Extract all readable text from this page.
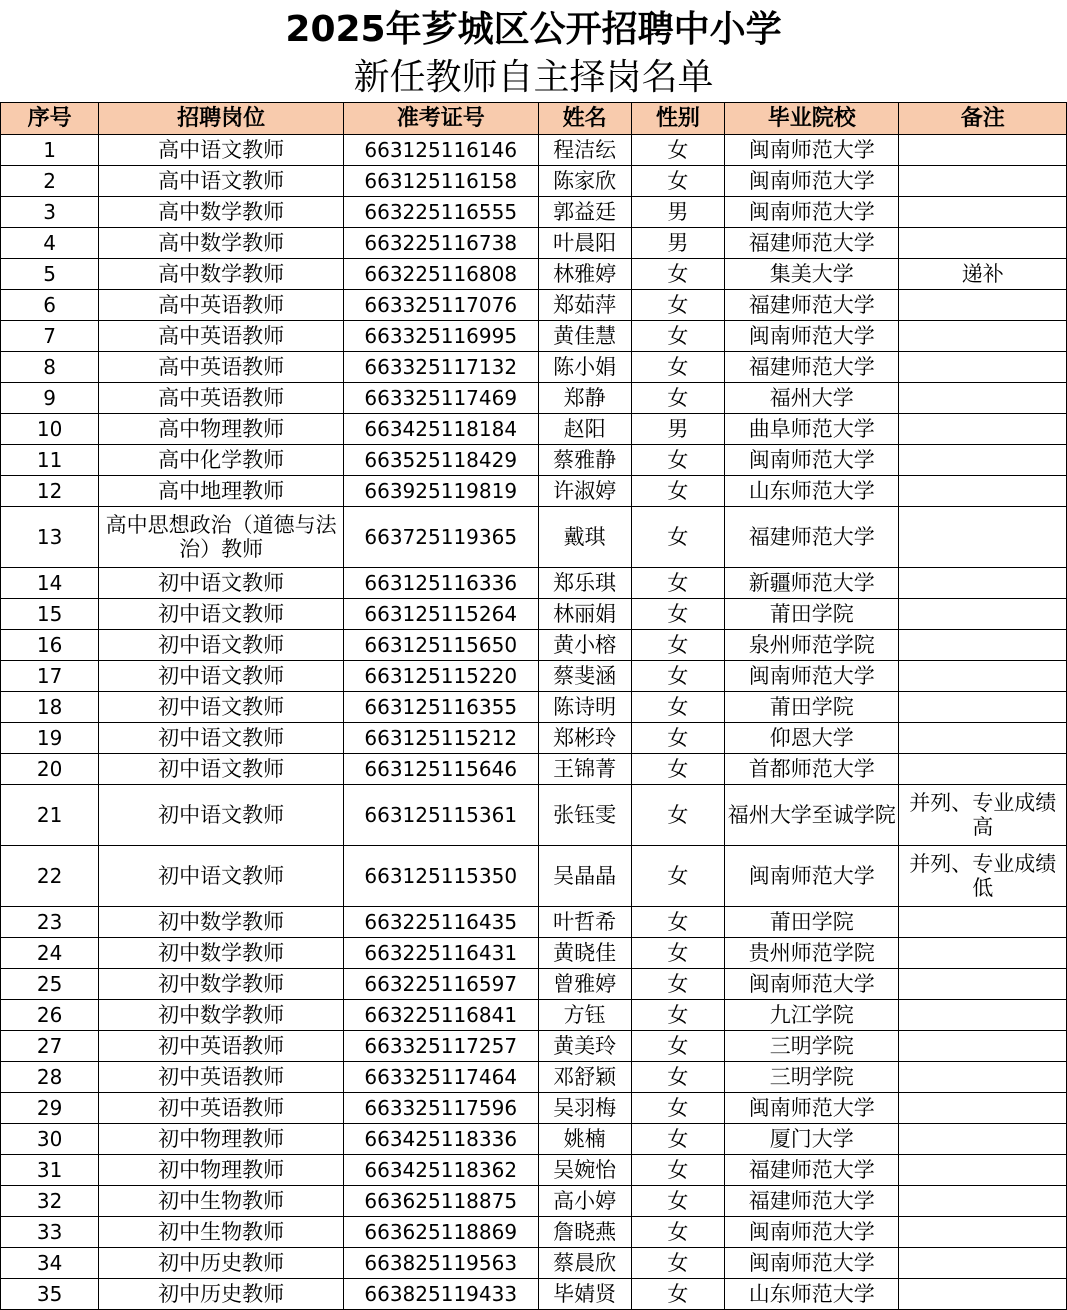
2025年芗城区公开招聘中小学
新任教师自主择岗名单
序号	招聘岗位	准考证号	姓名	性别	毕业院校	备注
1	高中语文教师	663125116146	程洁纭	女	闽南师范大学	
2	高中语文教师	663125116158	陈家欣	女	闽南师范大学	
3	高中数学教师	663225116555	郭益廷	男	闽南师范大学	
4	高中数学教师	663225116738	叶晨阳	男	福建师范大学	
5	高中数学教师	663225116808	林雅婷	女	集美大学	递补
6	高中英语教师	663325117076	郑茹萍	女	福建师范大学	
7	高中英语教师	663325116995	黄佳慧	女	闽南师范大学	
8	高中英语教师	663325117132	陈小娟	女	福建师范大学	
9	高中英语教师	663325117469	郑静	女	福州大学	
10	高中物理教师	663425118184	赵阳	男	曲阜师范大学	
11	高中化学教师	663525118429	蔡雅静	女	闽南师范大学	
12	高中地理教师	663925119819	许淑婷	女	山东师范大学	
13	高中思想政治（道德与法治）教师	663725119365	戴琪	女	福建师范大学	
14	初中语文教师	663125116336	郑乐琪	女	新疆师范大学	
15	初中语文教师	663125115264	林丽娟	女	莆田学院	
16	初中语文教师	663125115650	黄小榕	女	泉州师范学院	
17	初中语文教师	663125115220	蔡斐涵	女	闽南师范大学	
18	初中语文教师	663125116355	陈诗明	女	莆田学院	
19	初中语文教师	663125115212	郑彬玲	女	仰恩大学	
20	初中语文教师	663125115646	王锦菁	女	首都师范大学	
21	初中语文教师	663125115361	张钰雯	女	福州大学至诚学院	并列、专业成绩高
22	初中语文教师	663125115350	吴晶晶	女	闽南师范大学	并列、专业成绩低
23	初中数学教师	663225116435	叶哲希	女	莆田学院	
24	初中数学教师	663225116431	黄晓佳	女	贵州师范学院	
25	初中数学教师	663225116597	曾雅婷	女	闽南师范大学	
26	初中数学教师	663225116841	方钰	女	九江学院	
27	初中英语教师	663325117257	黄美玲	女	三明学院	
28	初中英语教师	663325117464	邓舒颖	女	三明学院	
29	初中英语教师	663325117596	吴羽梅	女	闽南师范大学	
30	初中物理教师	663425118336	姚楠	女	厦门大学	
31	初中物理教师	663425118362	吴婉怡	女	福建师范大学	
32	初中生物教师	663625118875	高小婷	女	福建师范大学	
33	初中生物教师	663625118869	詹晓燕	女	闽南师范大学	
34	初中历史教师	663825119563	蔡晨欣	女	闽南师范大学	
35	初中历史教师	663825119433	毕婧贤	女	山东师范大学	
